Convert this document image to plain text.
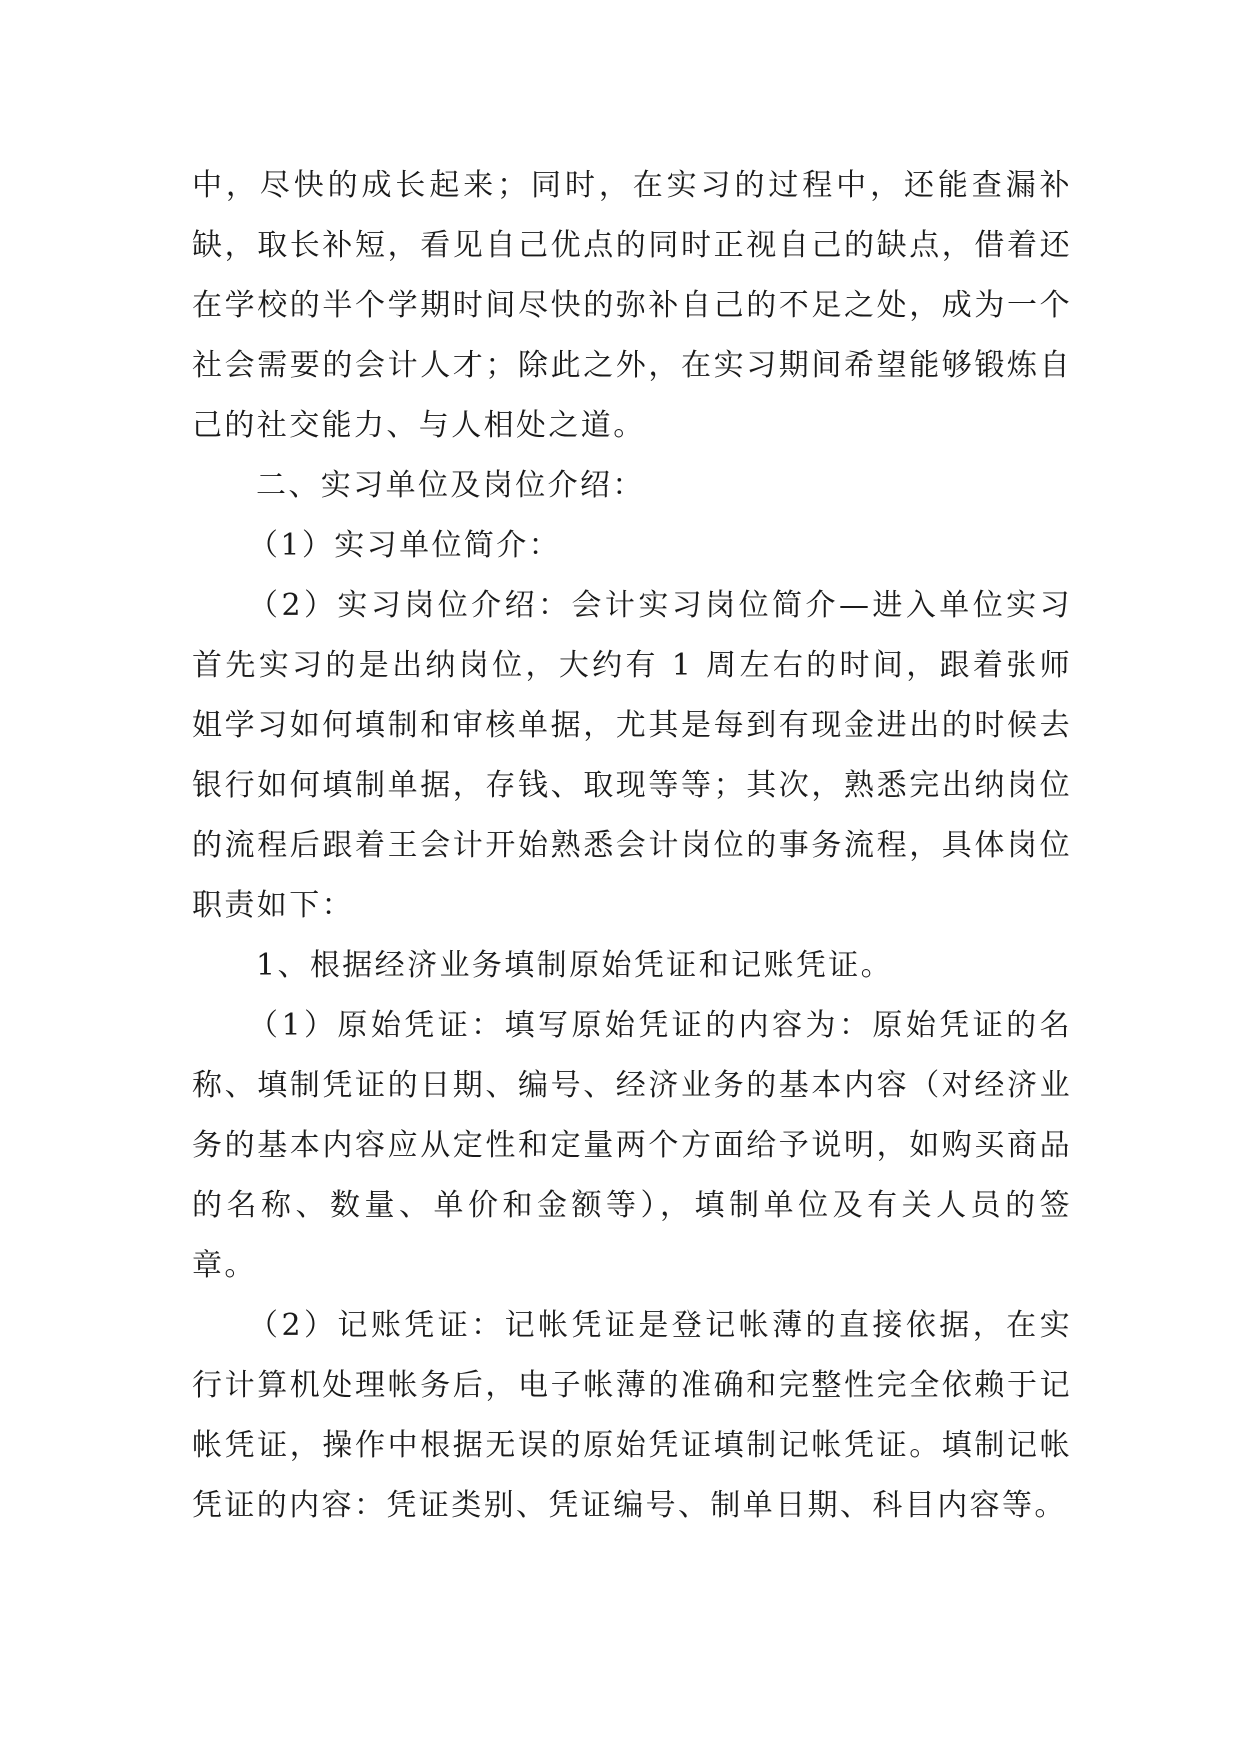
中，尽快的成长起来；同时，在实习的过程中，还能查漏补缺，取长补短，看见自己优点的同时正视自己的缺点，借着还在学校的半个学期时间尽快的弥补自己的不足之处，成为一个社会需要的会计人才；除此之外，在实习期间希望能够锻炼自己的社交能力、与人相处之道。

二、实习单位及岗位介绍：

（1）实习单位简介：

（2）实习岗位介绍：会计实习岗位简介—进入单位实习首先实习的是出纳岗位，大约有 1 周左右的时间，跟着张师姐学习如何填制和审核单据，尤其是每到有现金进出的时候去银行如何填制单据，存钱、取现等等；其次，熟悉完出纳岗位的流程后跟着王会计开始熟悉会计岗位的事务流程，具体岗位职责如下：

1、根据经济业务填制原始凭证和记账凭证。

（1）原始凭证：填写原始凭证的内容为：原始凭证的名称、填制凭证的日期、编号、经济业务的基本内容（对经济业务的基本内容应从定性和定量两个方面给予说明，如购买商品的名称、数量、单价和金额等），填制单位及有关人员的签章。

（2）记账凭证：记帐凭证是登记帐薄的直接依据，在实行计算机处理帐务后，电子帐薄的准确和完整性完全依赖于记帐凭证，操作中根据无误的原始凭证填制记帐凭证。填制记帐凭证的内容：凭证类别、凭证编号、制单日期、科目内容等。
